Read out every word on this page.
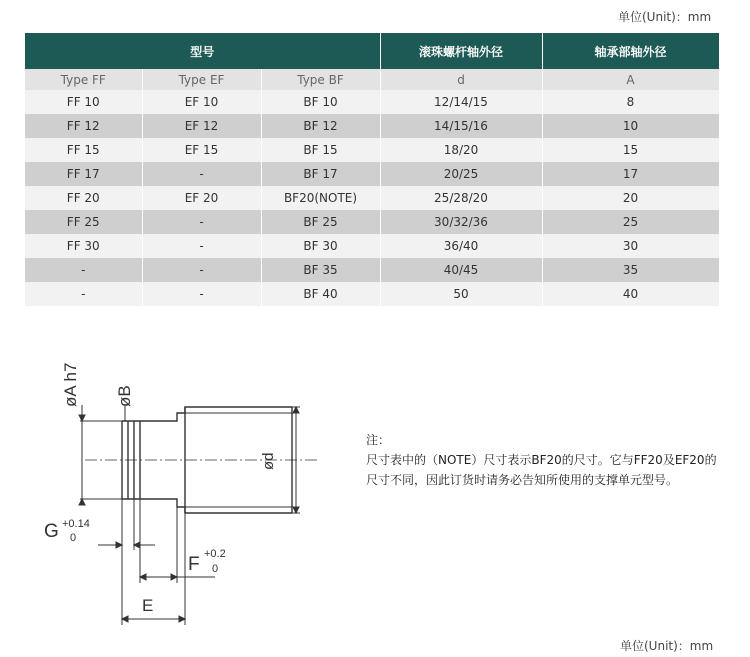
单位(Unit)：mm
型号			滚珠螺杆轴外径	轴承部轴外径
Type FF	Type EF	Type BF	d	A
FF 10	EF 10	BF 10	12/14/15	8
FF 12	EF 12	BF 12	14/15/16	10
FF 15	EF 15	BF 15	18/20	15
FF 17	-	BF 17	20/25	17
FF 20	EF 20	BF20(NOTE)	25/28/20	20
FF 25	-	BF 25	30/32/36	25
FF 30	-	BF 30	36/40	30
-	-	BF 35	40/45	35
-	-	BF 40	50	40
øA h7 øB
ød
G +0.14
0
F +0.2
0
E
注：
尺寸表中的（NOTE）尺寸表示BF20的尺寸。它与FF20及EF20的尺寸不同，因此订货时请务必告知所使用的支撑单元型号。
单位(Unit)：mm
